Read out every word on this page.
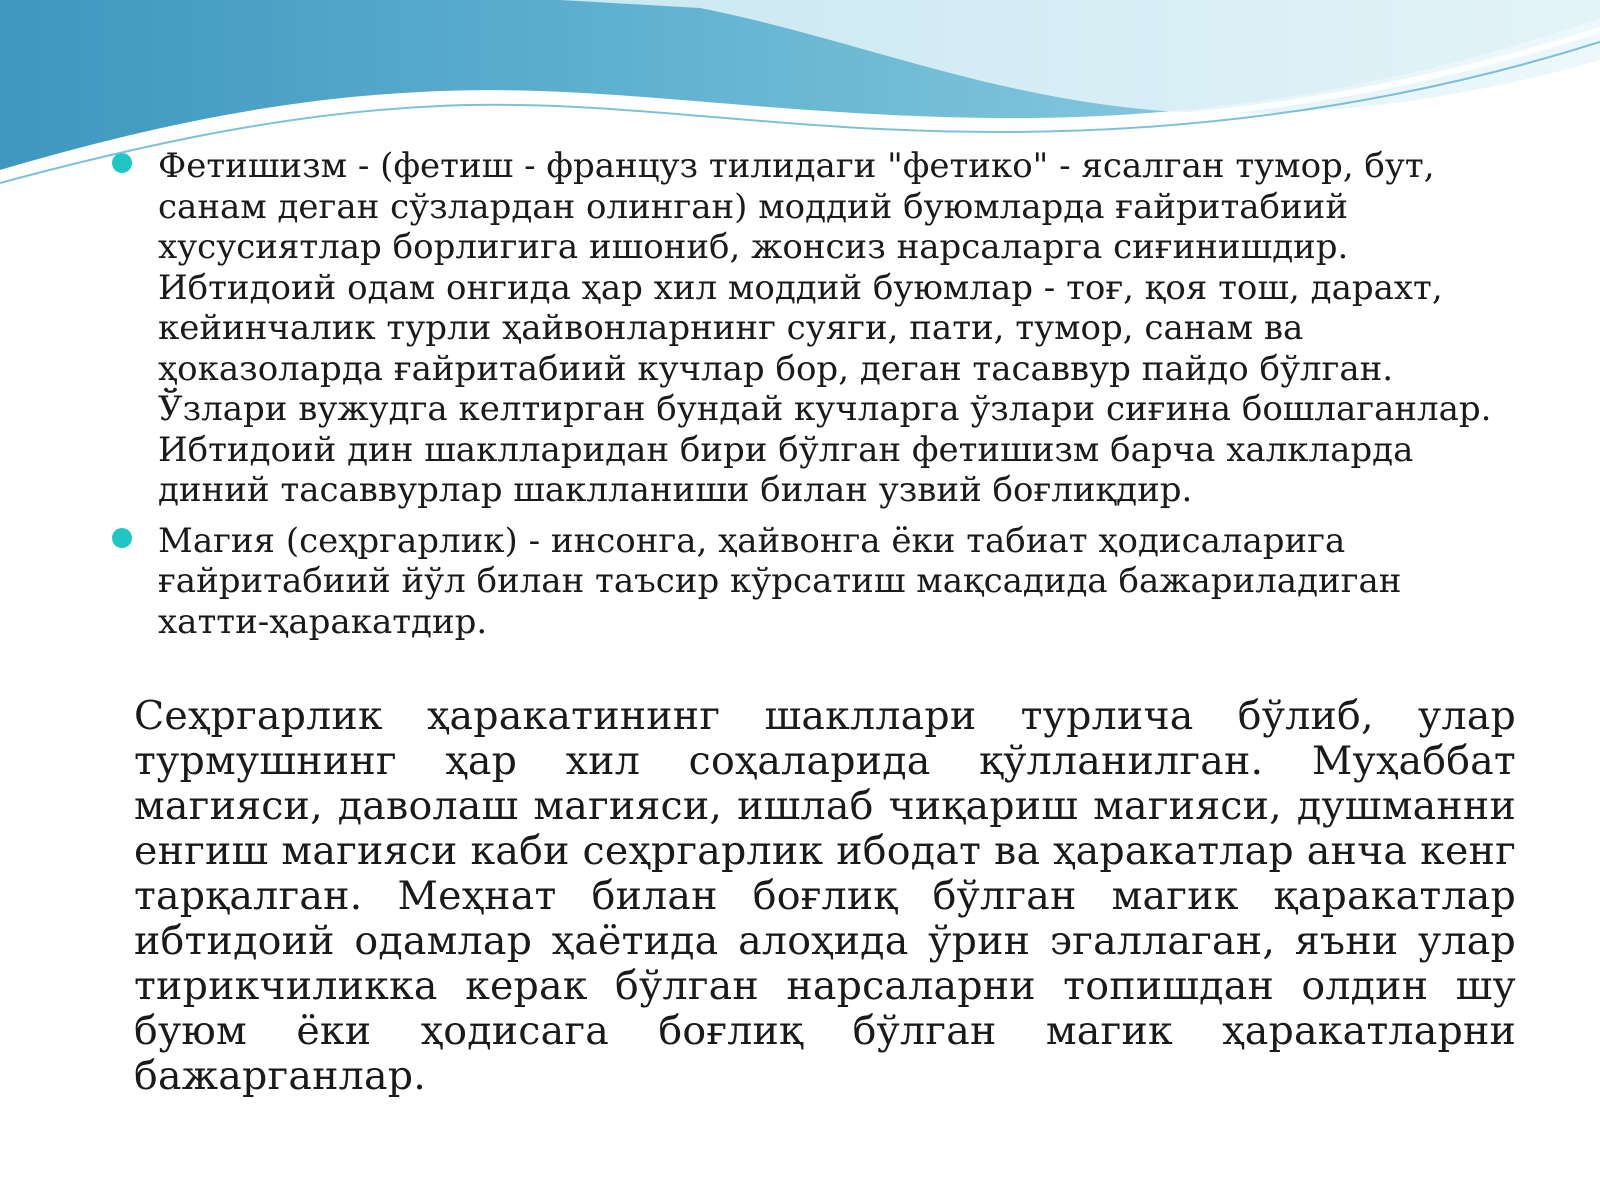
Фетишизм - (фетиш - француз тилидаги "фетико" - ясалган тумор, бут, санам деган сўзлардан олинган) моддий буюмларда ғайритабиий хусусиятлар борлигига ишониб, жонсиз нарсаларга сиғинишдир. Ибтидоий одам онгида ҳар хил моддий буюмлар - тоғ, қоя тош, дарахт, кейинчалик турли ҳайвонларнинг суяги, пати, тумор, санам ва ҳоказоларда ғайритабиий кучлар бор, деган тасаввур пайдо бўлган. Ўзлари вужудга келтирган бундай кучларга ўзлари сиғина бошлаганлар. Ибтидоий дин шаклларидан бири бўлган фетишизм барча халкларда диний тасаввурлар шаклланиши билан узвий боғлиқдир.
Магия (сеҳргарлик) - инсонга, ҳайвонга ёки табиат ҳодисаларига ғайритабиий йўл билан таъсир кўрсатиш мақсадида бажариладиган хатти-ҳаракатдир.

Сеҳргарлик ҳаракатининг шакллари турлича бўлиб, улар турмушнинг ҳар хил соҳаларида қўлланилган. Муҳаббат магияси, даволаш магияси, ишлаб чиқариш магияси, душманни енгиш магияси каби сеҳргарлик ибодат ва ҳаракатлар анча кенг тарқалган. Меҳнат билан боғлиқ бўлган магик қаракатлар ибтидоий одамлар ҳаётида алоҳида ўрин эгаллаган, яъни улар тирикчиликка керак бўлган нарсаларни топишдан олдин шу буюм ёки ҳодисага боғлиқ бўлган магик ҳаракатларни бажарганлар.
